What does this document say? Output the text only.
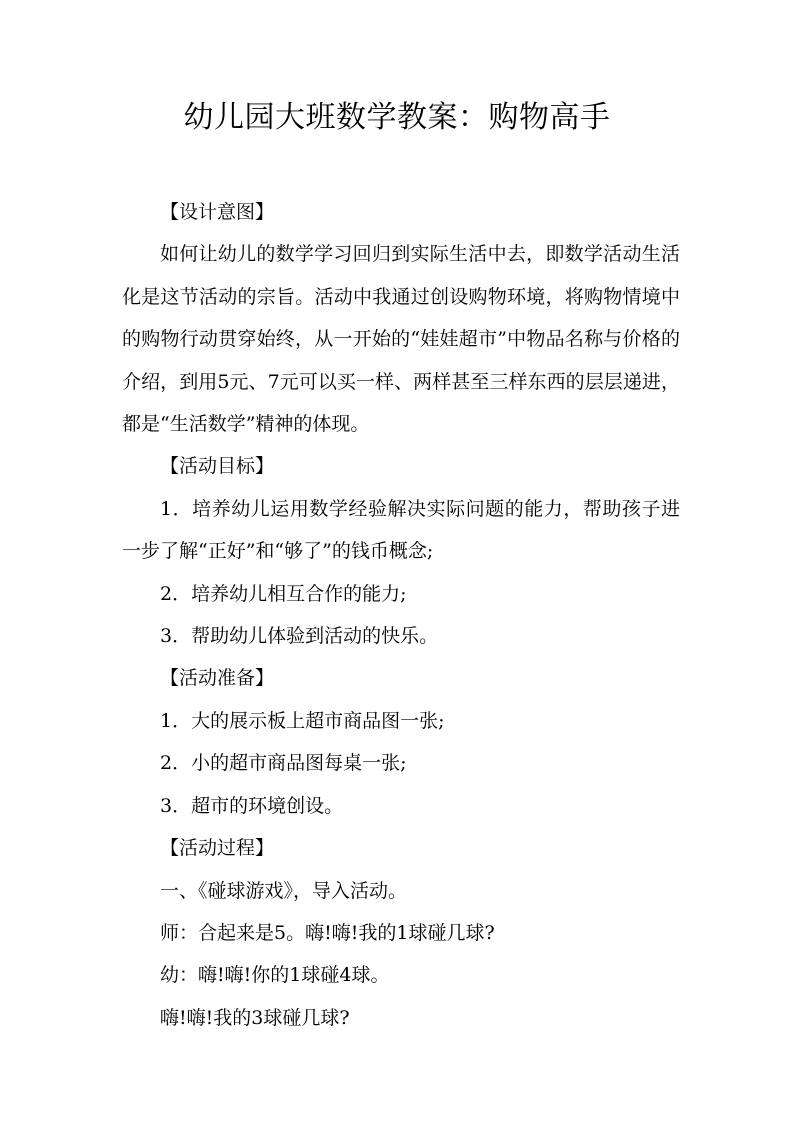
幼儿园大班数学教案：购物高手

【设计意图】

如何让幼儿的数学学习回归到实际生活中去，即数学活动生活化是这节活动的宗旨。活动中我通过创设购物环境，将购物情境中的购物行动贯穿始终，从一开始的“娃娃超市”中物品名称与价格的介绍，到用5元、7元可以买一样、两样甚至三样东西的层层递进，都是“生活数学”精神的体现。

【活动目标】

1．培养幼儿运用数学经验解决实际问题的能力，帮助孩子进一步了解“正好”和“够了”的钱币概念;

2．培养幼儿相互合作的能力;

3．帮助幼儿体验到活动的快乐。

【活动准备】

1．大的展示板上超市商品图一张;

2．小的超市商品图每桌一张;

3．超市的环境创设。

【活动过程】

一、《碰球游戏》，导入活动。

师：合起来是5。嗨!嗨!我的1球碰几球?

幼：嗨!嗨!你的1球碰4球。

嗨!嗨!我的3球碰几球?
